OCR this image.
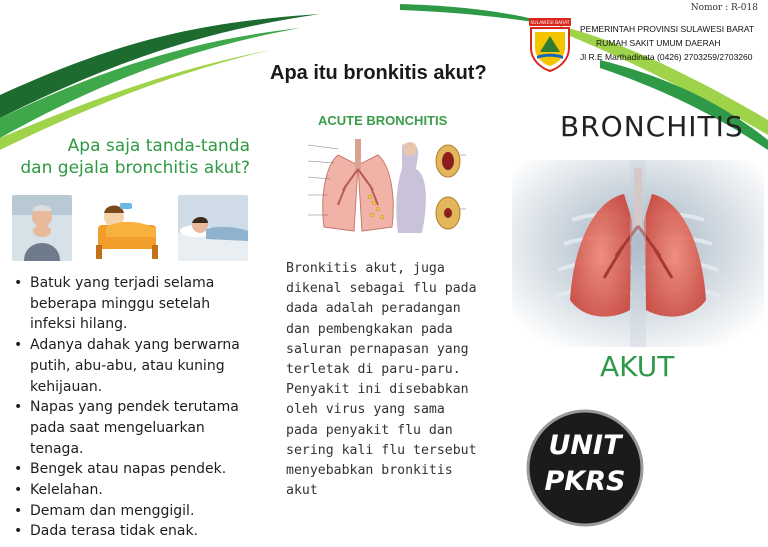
Nomor : R-018
SULAWESI BARAT
PEMERINTAH PROVINSI SULAWESI BARAT
RUMAH SAKIT UMUM DAERAH
Jl R.E Marthadinata (0426) 2703259/2703260
Apa itu bronkitis akut?
Apa saja tanda-tanda
dan gejala bronchitis akut?
• Batuk yang terjadi selama
beberapa minggu setelah
infeksi hilang.
• Adanya dahak yang berwarna
putih, abu-abu, atau kuning
kehijauan.
• Napas yang pendek terutama
pada saat mengeluarkan
tenaga.
• Bengek atau napas pendek.
• Kelelahan.
• Demam dan menggigil.
• Dada terasa tidak enak.
ACUTE BRONCHITIS
Bronkitis akut, juga
dikenal sebagai flu pada
dada adalah peradangan
dan pembengkakan pada
saluran pernapasan yang
terletak di paru-paru.
Penyakit ini disebabkan
oleh virus yang sama
pada penyakit flu dan
sering kali flu tersebut
menyebabkan bronkitis
akut
BRONCHITIS
AKUT
UNIT
PKRS
